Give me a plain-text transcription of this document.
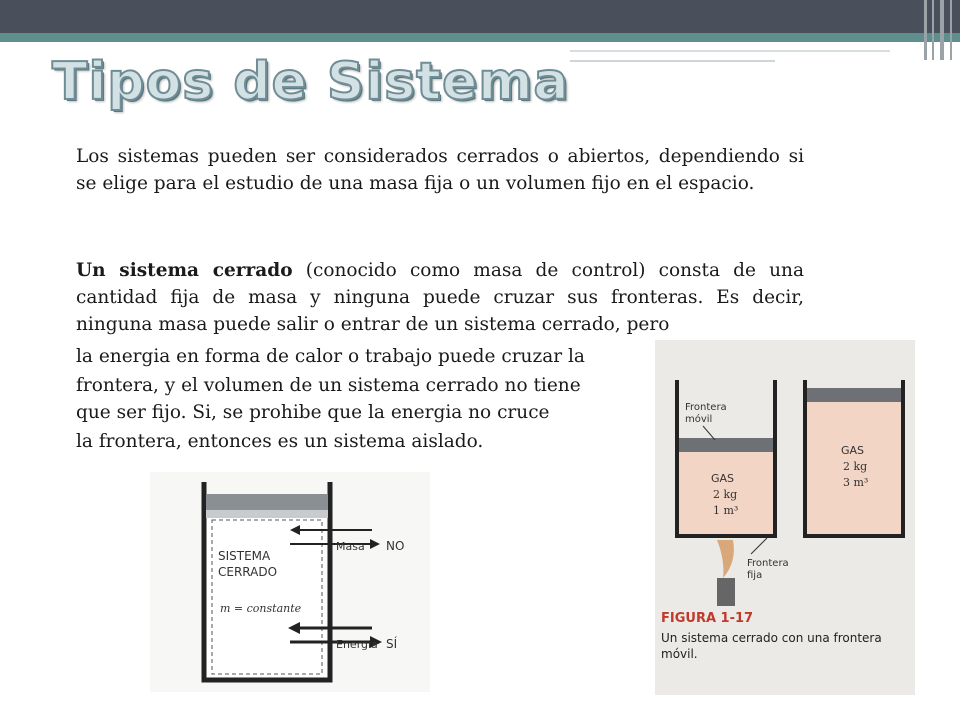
Tipos de Sistema
Los sistemas pueden ser considerados cerrados o abiertos, dependiendo si se elige para el estudio de una masa fija o un volumen fijo en el espacio.
Un sistema cerrado (conocido como masa de control) consta de una cantidad fija de masa y ninguna puede cruzar sus fronteras. Es decir, ninguna masa puede salir o entrar de un sistema cerrado, pero
la energia en forma de calor o trabajo puede cruzar la
frontera, y el volumen de un sistema cerrado no tiene
que ser fijo. Si, se prohibe que la energia no cruce
la frontera, entonces es un sistema aislado.
SISTEMA
CERRADO
m = constante
Masa NO
Energía SÍ
Frontera
móvil
GAS
2 kg
1 m³
Frontera
fija
GAS
2 kg
3 m³
FIGURA 1-17
Un sistema cerrado con una frontera
móvil.
